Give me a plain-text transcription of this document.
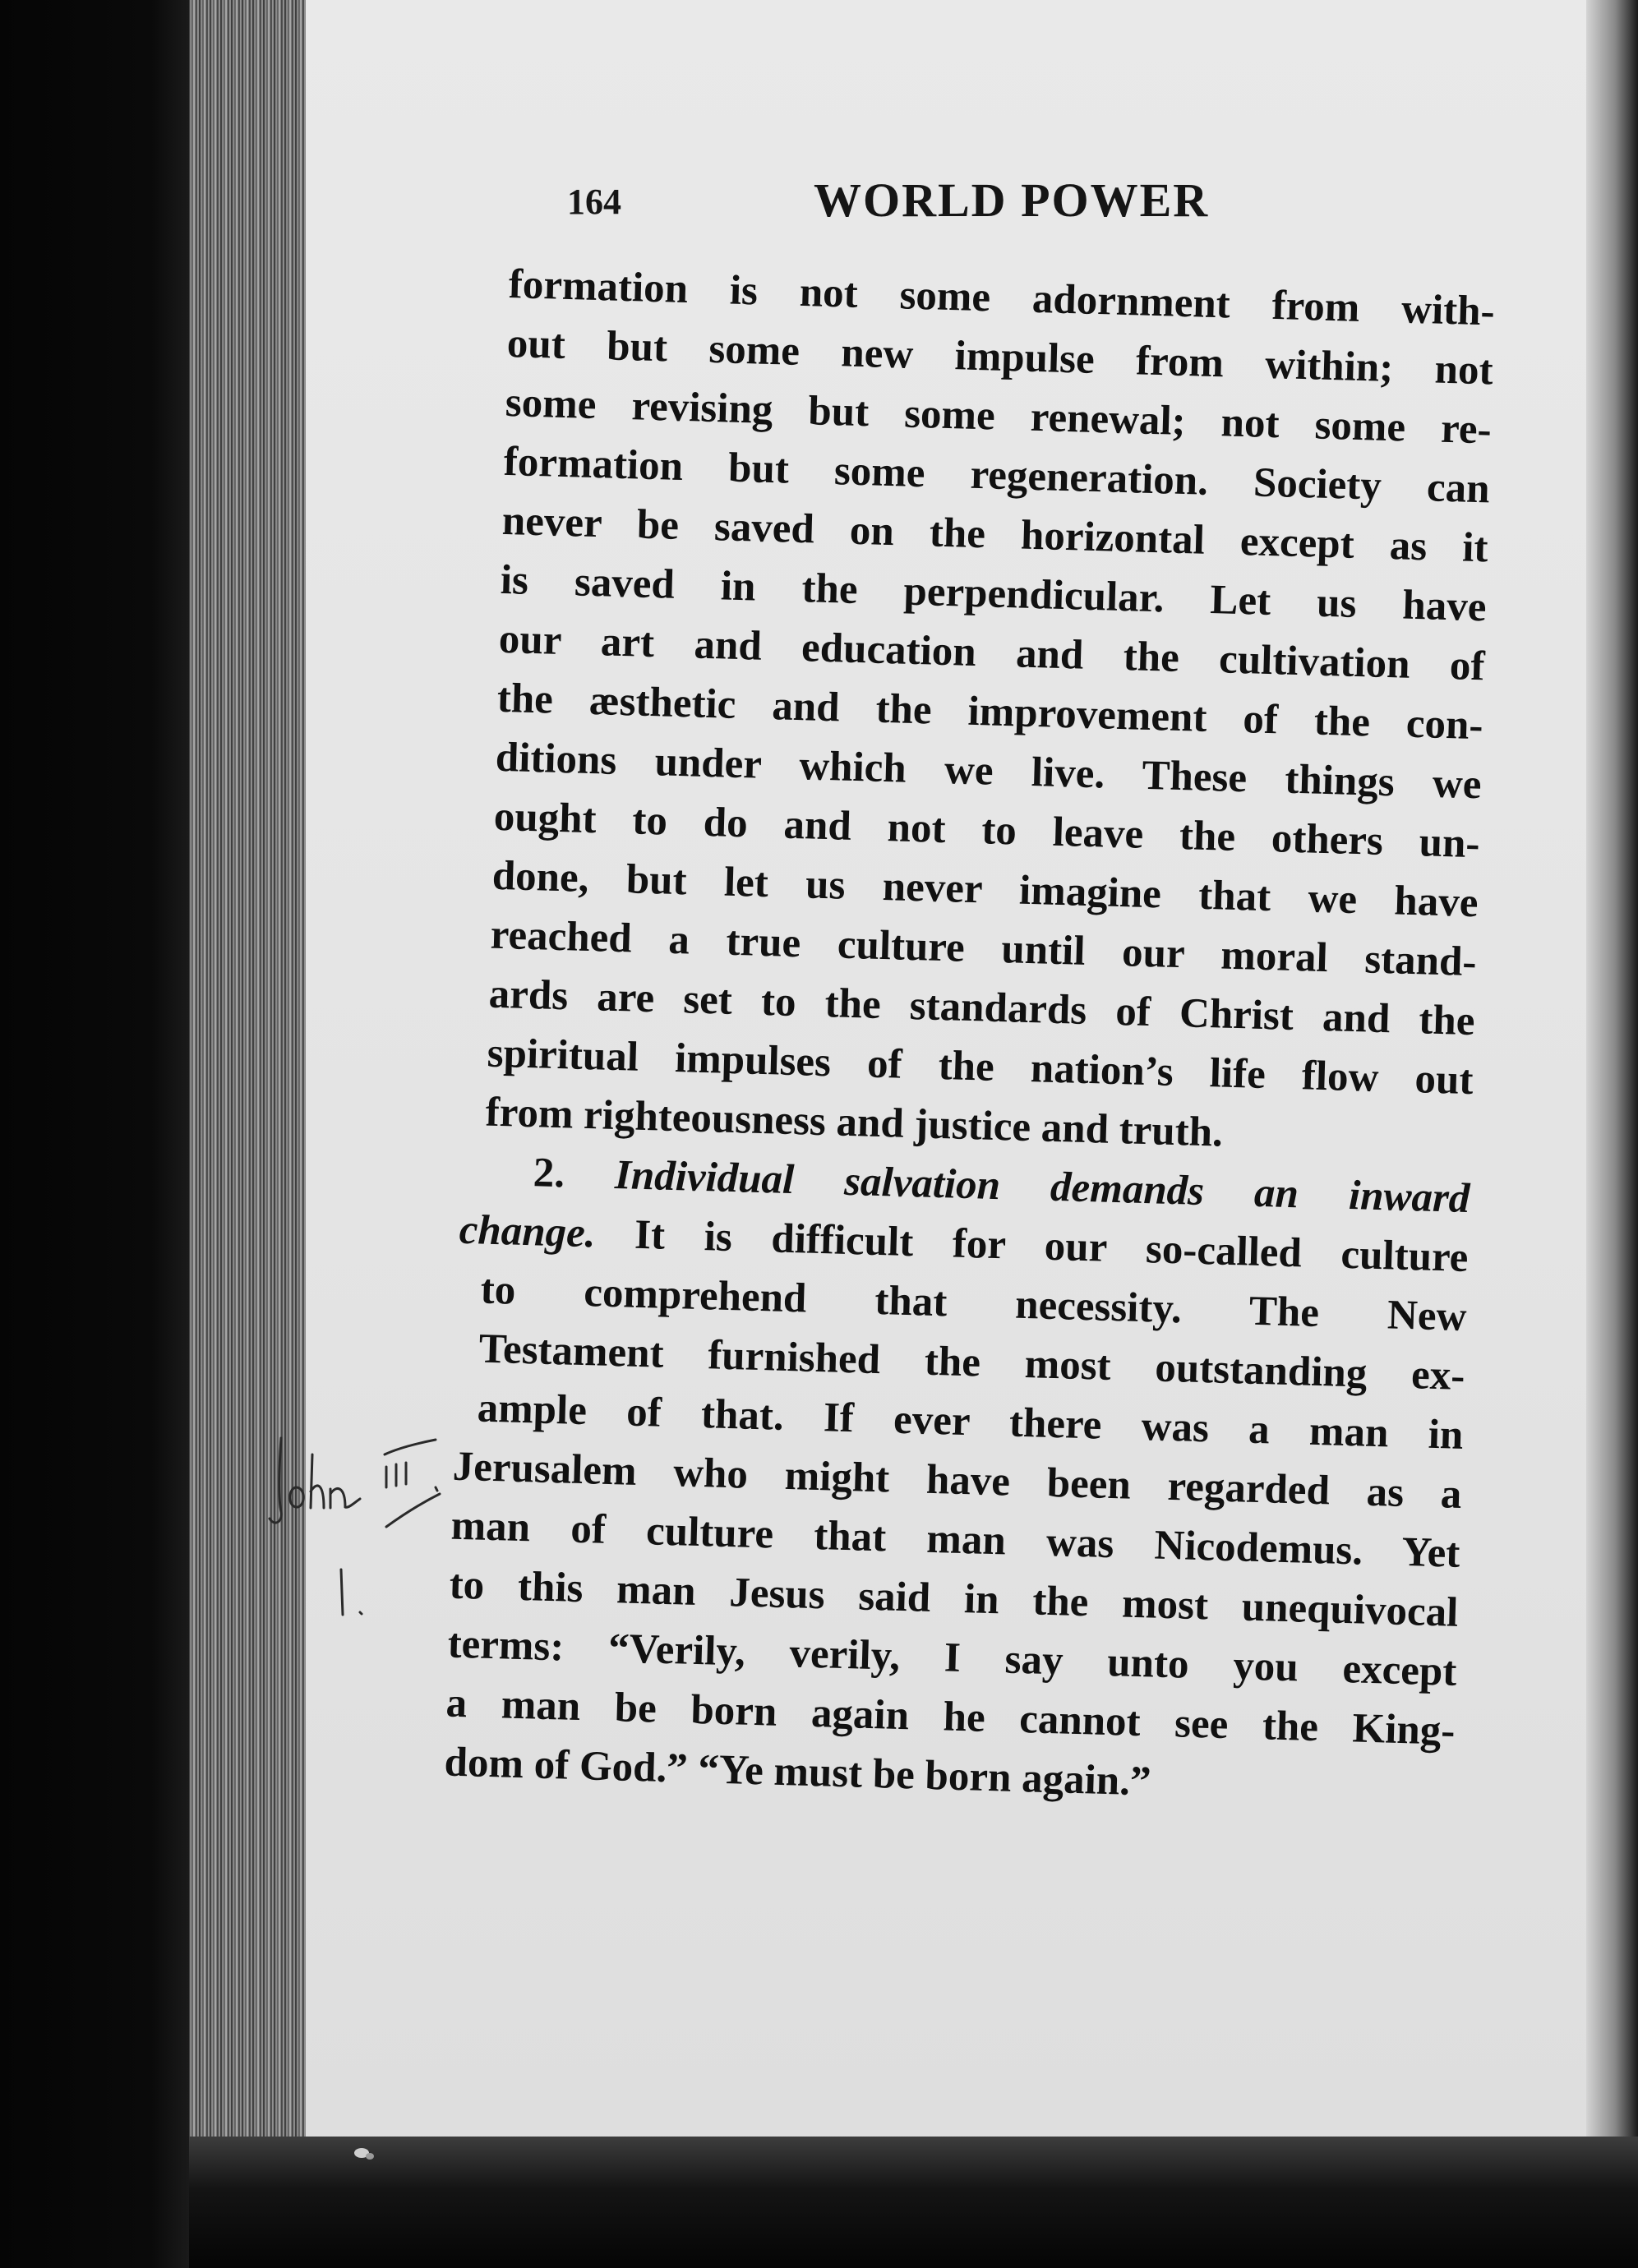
164	WORLD POWER
formation is not some adornment from with-
out but some new impulse from within; not
some revising but some renewal; not some re-
formation but some regeneration. Society can
never be saved on the horizontal except as it
is saved in the perpendicular. Let us have
our art and education and the cultivation of
the æsthetic and the improvement of the con-
ditions under which we live. These things we
ought to do and not to leave the others un-
done, but let us never imagine that we have
reached a true culture until our moral stand-
ards are set to the standards of Christ and the
spiritual impulses of the nation’s life flow out
from righteousness and justice and truth.
2. Individual salvation demands an inward
change. It is difficult for our so-called culture
to comprehend that necessity. The New
Testament furnished the most outstanding ex-
ample of that. If ever there was a man in
Jerusalem who might have been regarded as a
man of culture that man was Nicodemus. Yet
to this man Jesus said in the most unequivocal
terms: “Verily, verily, I say unto you except
a man be born again he cannot see the King-
dom of God.” “Ye must be born again.”
